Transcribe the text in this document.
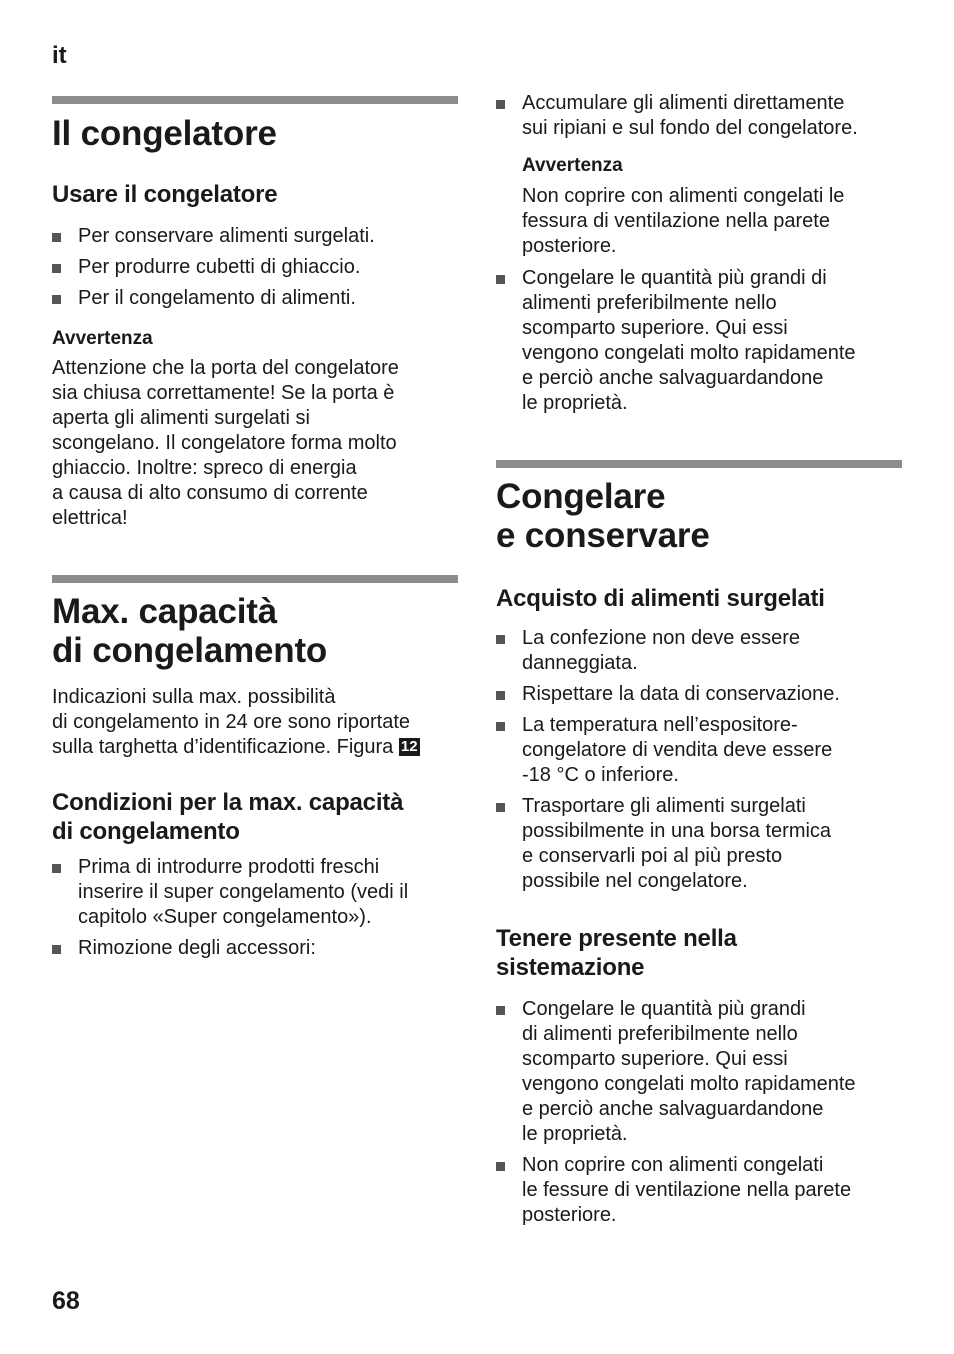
it
Il congelatore
Usare il congelatore
Per conservare alimenti surgelati.
Per produrre cubetti di ghiaccio.
Per il congelamento di alimenti.
Avvertenza

Attenzione che la porta del congelatore
sia chiusa correttamente! Se la porta è
aperta gli alimenti surgelati si
scongelano. Il congelatore forma molto
ghiaccio. Inoltre: spreco di energia
a causa di alto consumo di corrente
elettrica!

Max. capacità
di congelamento

Indicazioni sulla max. possibilità
di congelamento in 24 ore sono riportate
sulla targhetta d’identificazione. Figura 12

Condizioni per la max. capacità
di congelamento
Prima di introdurre prodotti freschi
inserire il super congelamento (vedi il
capitolo «Super congelamento»).
Rimozione degli accessori:
Accumulare gli alimenti direttamente
sui ripiani e sul fondo del congelatore.
Avvertenza

Non coprire con alimenti congelati le
fessura di ventilazione nella parete
posteriore.

Congelare le quantità più grandi di
alimenti preferibilmente nello
scomparto superiore. Qui essi
vengono congelati molto rapidamente
e perciò anche salvaguardandone
le proprietà.
Congelare
e conservare
Acquisto di alimenti surgelati
La confezione non deve essere
danneggiata.
Rispettare la data di conservazione.
La temperatura nell’espositore-
congelatore di vendita deve essere
-18 °C o inferiore.
Trasportare gli alimenti surgelati
possibilmente in una borsa termica
e conservarli poi al più presto
possibile nel congelatore.
Tenere presente nella
sistemazione
Congelare le quantità più grandi
di alimenti preferibilmente nello
scomparto superiore. Qui essi
vengono congelati molto rapidamente
e perciò anche salvaguardandone
le proprietà.
Non coprire con alimenti congelati
le fessure di ventilazione nella parete
posteriore.
68
